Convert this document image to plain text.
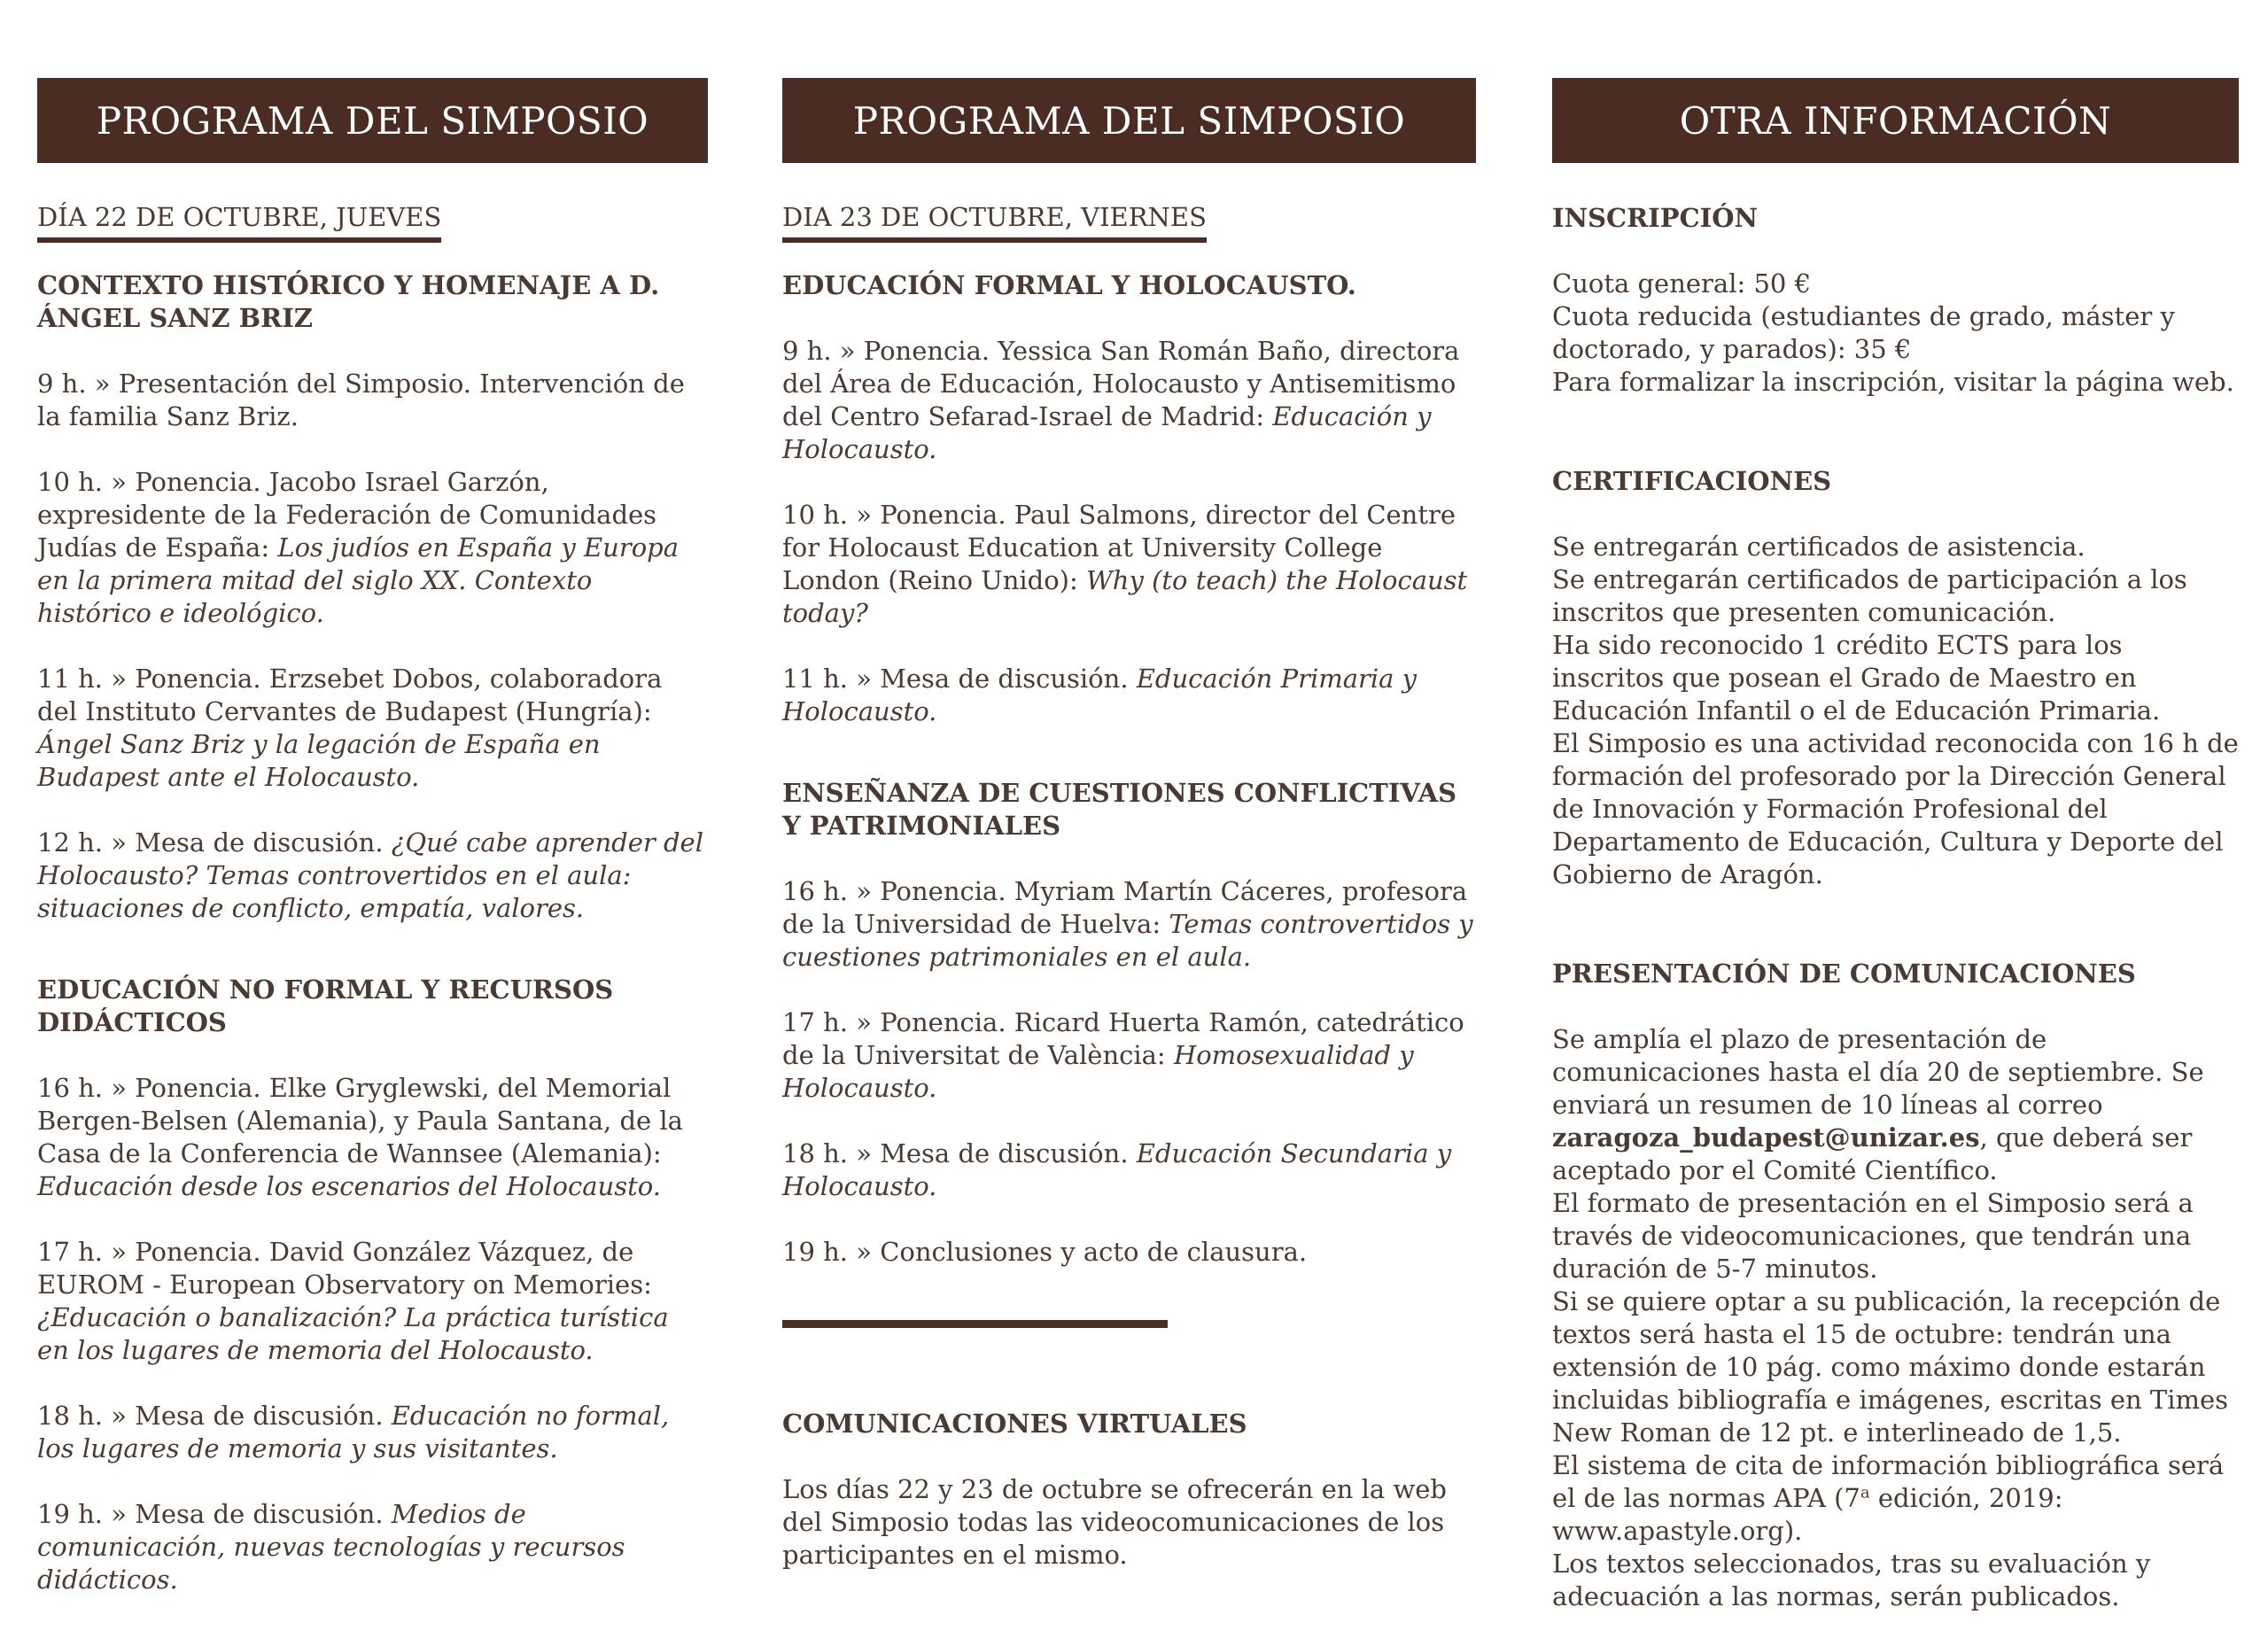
PROGRAMA DEL SIMPOSIO
DÍA 22 DE OCTUBRE, JUEVES
CONTEXTO HISTÓRICO Y HOMENAJE A D. ÁNGEL SANZ BRIZ
9 h. » Presentación del Simposio. Intervención de la familia Sanz Briz.
10 h. » Ponencia. Jacobo Israel Garzón, expresidente de la Federación de Comunidades Judías de España: Los judíos en España y Europa en la primera mitad del siglo XX. Contexto histórico e ideológico.
11 h. » Ponencia. Erzsebet Dobos, colaboradora del Instituto Cervantes de Budapest (Hungría): Ángel Sanz Briz y la legación de España en Budapest ante el Holocausto.
12 h. » Mesa de discusión. ¿Qué cabe aprender del Holocausto? Temas controvertidos en el aula: situaciones de conflicto, empatía, valores.
EDUCACIÓN NO FORMAL Y RECURSOS DIDÁCTICOS
16 h. » Ponencia. Elke Gryglewski, del Memorial Bergen-Belsen (Alemania), y Paula Santana, de la Casa de la Conferencia de Wannsee (Alemania): Educación desde los escenarios del Holocausto.
17 h. » Ponencia. David González Vázquez, de EUROM - European Observatory on Memories: ¿Educación o banalización? La práctica turística en los lugares de memoria del Holocausto.
18 h. » Mesa de discusión. Educación no formal, los lugares de memoria y sus visitantes.
19 h. » Mesa de discusión. Medios de comunicación, nuevas tecnologías y recursos didácticos.
PROGRAMA DEL SIMPOSIO
DIA 23 DE OCTUBRE, VIERNES
EDUCACIÓN FORMAL Y HOLOCAUSTO.
9 h. » Ponencia. Yessica San Román Baño, directora del Área de Educación, Holocausto y Antisemitismo del Centro Sefarad-Israel de Madrid: Educación y Holocausto.
10 h. » Ponencia. Paul Salmons, director del Centre for Holocaust Education at University College London (Reino Unido): Why (to teach) the Holocaust today?
11 h. » Mesa de discusión. Educación Primaria y Holocausto.
ENSEÑANZA DE CUESTIONES CONFLICTIVAS Y PATRIMONIALES
16 h. » Ponencia. Myriam Martín Cáceres, profesora de la Universidad de Huelva: Temas controvertidos y cuestiones patrimoniales en el aula.
17 h. » Ponencia. Ricard Huerta Ramón, catedrático de la Universitat de València: Homosexualidad y Holocausto.
18 h. » Mesa de discusión. Educación Secundaria y Holocausto.
19 h. » Conclusiones y acto de clausura.
COMUNICACIONES VIRTUALES
Los días 22 y 23 de octubre se ofrecerán en la web del Simposio todas las videocomunicaciones de los participantes en el mismo.
OTRA INFORMACIÓN
INSCRIPCIÓN
Cuota general: 50 €
Cuota reducida (estudiantes de grado, máster y doctorado, y parados): 35 €
Para formalizar la inscripción, visitar la página web.
CERTIFICACIONES
Se entregarán certificados de asistencia.
Se entregarán certificados de participación a los inscritos que presenten comunicación.
Ha sido reconocido 1 crédito ECTS para los inscritos que posean el Grado de Maestro en Educación Infantil o el de Educación Primaria.
El Simposio es una actividad reconocida con 16 h de formación del profesorado por la Dirección General de Innovación y Formación Profesional del Departamento de Educación, Cultura y Deporte del Gobierno de Aragón.
PRESENTACIÓN DE COMUNICACIONES
Se amplía el plazo de presentación de comunicaciones hasta el día 20 de septiembre. Se enviará un resumen de 10 líneas al correo zaragoza_budapest@unizar.es, que deberá ser aceptado por el Comité Científico.
El formato de presentación en el Simposio será a través de videocomunicaciones, que tendrán una duración de 5-7 minutos.
Si se quiere optar a su publicación, la recepción de textos será hasta el 15 de octubre: tendrán una extensión de 10 pág. como máximo donde estarán incluidas bibliografía e imágenes, escritas en Times New Roman de 12 pt. e interlineado de 1,5.
El sistema de cita de información bibliográfica será el de las normas APA (7$^a$ edición, 2019: www.apastyle.org).
Los textos seleccionados, tras su evaluación y adecuación a las normas, serán publicados.
